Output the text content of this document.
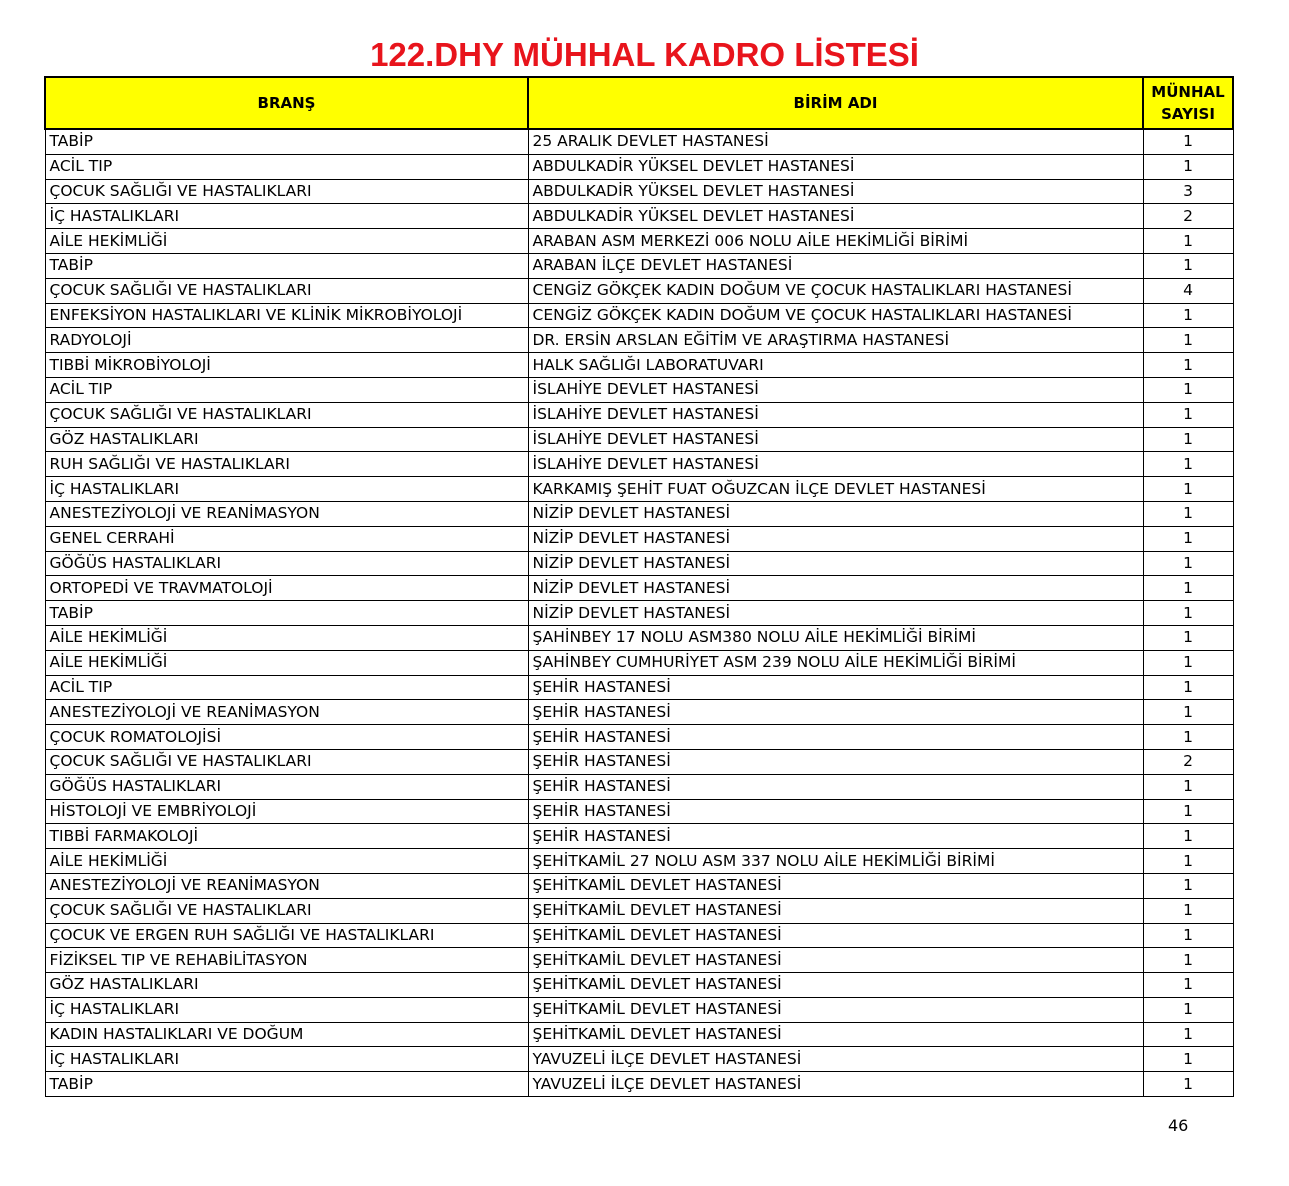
122.DHY MÜHHAL KADRO LİSTESİ
BRANŞ	BİRİM ADI	MÜNHAL
SAYISI
TABİP	25 ARALIK DEVLET HASTANESİ	1
ACİL TIP	ABDULKADİR YÜKSEL DEVLET HASTANESİ	1
ÇOCUK SAĞLIĞI VE HASTALIKLARI	ABDULKADİR YÜKSEL DEVLET HASTANESİ	3
İÇ HASTALIKLARI	ABDULKADİR YÜKSEL DEVLET HASTANESİ	2
AİLE HEKİMLİĞİ	ARABAN ASM MERKEZİ 006 NOLU AİLE HEKİMLİĞİ BİRİMİ	1
TABİP	ARABAN İLÇE DEVLET HASTANESİ	1
ÇOCUK SAĞLIĞI VE HASTALIKLARI	CENGİZ GÖKÇEK KADIN DOĞUM VE ÇOCUK HASTALIKLARI HASTANESİ	4
ENFEKSİYON HASTALIKLARI VE KLİNİK MİKROBİYOLOJİ	CENGİZ GÖKÇEK KADIN DOĞUM VE ÇOCUK HASTALIKLARI HASTANESİ	1
RADYOLOJİ	DR. ERSİN ARSLAN EĞİTİM VE ARAŞTIRMA HASTANESİ	1
TIBBİ MİKROBİYOLOJİ	HALK SAĞLIĞI LABORATUVARI	1
ACİL TIP	İSLAHİYE DEVLET HASTANESİ	1
ÇOCUK SAĞLIĞI VE HASTALIKLARI	İSLAHİYE DEVLET HASTANESİ	1
GÖZ HASTALIKLARI	İSLAHİYE DEVLET HASTANESİ	1
RUH SAĞLIĞI VE HASTALIKLARI	İSLAHİYE DEVLET HASTANESİ	1
İÇ HASTALIKLARI	KARKAMIŞ ŞEHİT FUAT OĞUZCAN İLÇE DEVLET HASTANESİ	1
ANESTEZİYOLOJİ VE REANİMASYON	NİZİP DEVLET HASTANESİ	1
GENEL CERRAHİ	NİZİP DEVLET HASTANESİ	1
GÖĞÜS HASTALIKLARI	NİZİP DEVLET HASTANESİ	1
ORTOPEDİ VE TRAVMATOLOJİ	NİZİP DEVLET HASTANESİ	1
TABİP	NİZİP DEVLET HASTANESİ	1
AİLE HEKİMLİĞİ	ŞAHİNBEY 17 NOLU ASM380 NOLU AİLE HEKİMLİĞİ BİRİMİ	1
AİLE HEKİMLİĞİ	ŞAHİNBEY CUMHURİYET ASM 239 NOLU AİLE HEKİMLİĞİ BİRİMİ	1
ACİL TIP	ŞEHİR HASTANESİ	1
ANESTEZİYOLOJİ VE REANİMASYON	ŞEHİR HASTANESİ	1
ÇOCUK ROMATOLOJİSİ	ŞEHİR HASTANESİ	1
ÇOCUK SAĞLIĞI VE HASTALIKLARI	ŞEHİR HASTANESİ	2
GÖĞÜS HASTALIKLARI	ŞEHİR HASTANESİ	1
HİSTOLOJİ VE EMBRİYOLOJİ	ŞEHİR HASTANESİ	1
TIBBİ FARMAKOLOJİ	ŞEHİR HASTANESİ	1
AİLE HEKİMLİĞİ	ŞEHİTKAMİL 27 NOLU ASM 337 NOLU AİLE HEKİMLİĞİ BİRİMİ	1
ANESTEZİYOLOJİ VE REANİMASYON	ŞEHİTKAMİL DEVLET HASTANESİ	1
ÇOCUK SAĞLIĞI VE HASTALIKLARI	ŞEHİTKAMİL DEVLET HASTANESİ	1
ÇOCUK VE ERGEN RUH SAĞLIĞI VE HASTALIKLARI	ŞEHİTKAMİL DEVLET HASTANESİ	1
FİZİKSEL TIP VE REHABİLİTASYON	ŞEHİTKAMİL DEVLET HASTANESİ	1
GÖZ HASTALIKLARI	ŞEHİTKAMİL DEVLET HASTANESİ	1
İÇ HASTALIKLARI	ŞEHİTKAMİL DEVLET HASTANESİ	1
KADIN HASTALIKLARI VE DOĞUM	ŞEHİTKAMİL DEVLET HASTANESİ	1
İÇ HASTALIKLARI	YAVUZELİ İLÇE DEVLET HASTANESİ	1
TABİP	YAVUZELİ İLÇE DEVLET HASTANESİ	1
46
